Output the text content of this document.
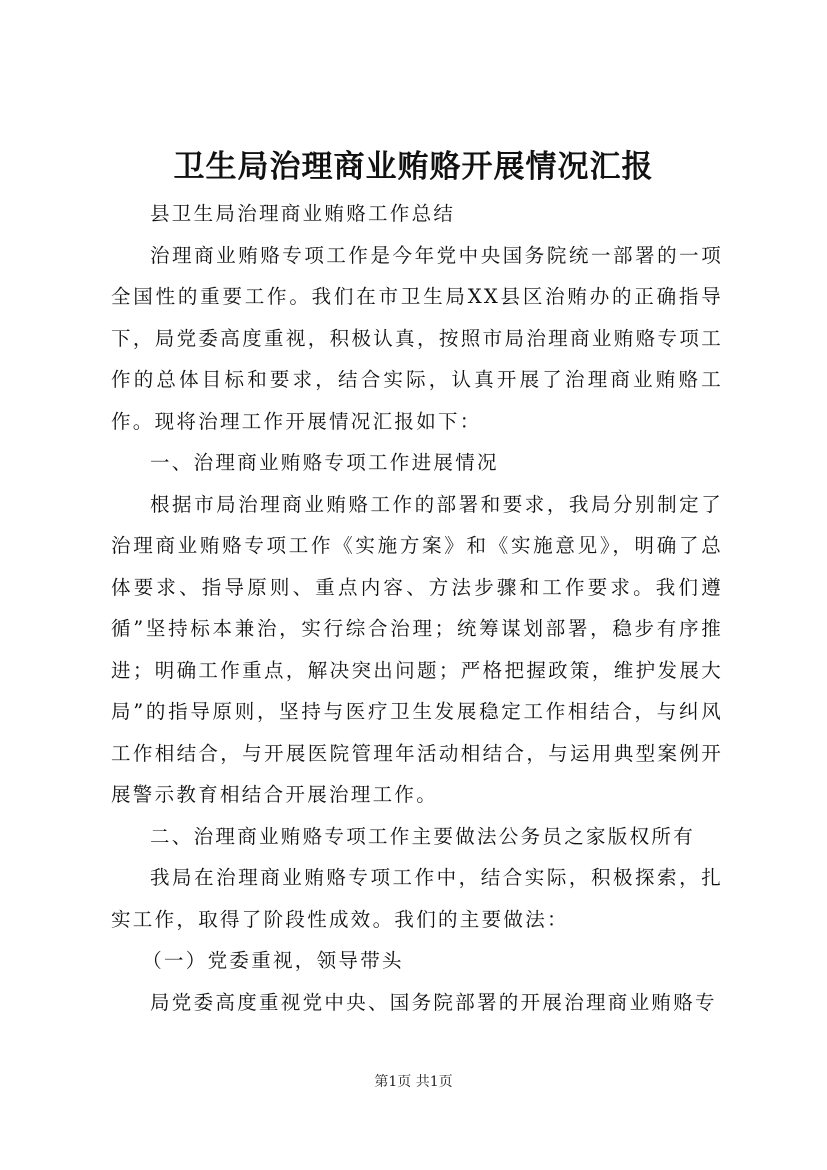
卫生局治理商业贿赂开展情况汇报

县卫生局治理商业贿赂工作总结

治理商业贿赂专项工作是今年党中央国务院统一部署的一项全国性的重要工作。我们在市卫生局XX县区治贿办的正确指导下，局党委高度重视，积极认真，按照市局治理商业贿赂专项工作的总体目标和要求，结合实际，认真开展了治理商业贿赂工作。现将治理工作开展情况汇报如下：

一、治理商业贿赂专项工作进展情况

根据市局治理商业贿赂工作的部署和要求，我局分别制定了治理商业贿赂专项工作《实施方案》和《实施意见》，明确了总体要求、指导原则、重点内容、方法步骤和工作要求。我们遵循”坚持标本兼治，实行综合治理；统筹谋划部署，稳步有序推进；明确工作重点，解决突出问题；严格把握政策，维护发展大局”的指导原则，坚持与医疗卫生发展稳定工作相结合，与纠风工作相结合，与开展医院管理年活动相结合，与运用典型案例开展警示教育相结合开展治理工作。

二、治理商业贿赂专项工作主要做法公务员之家版权所有

我局在治理商业贿赂专项工作中，结合实际，积极探索，扎实工作，取得了阶段性成效。我们的主要做法：

（一）党委重视，领导带头

局党委高度重视党中央、国务院部署的开展治理商业贿赂专

第1页 共1页
